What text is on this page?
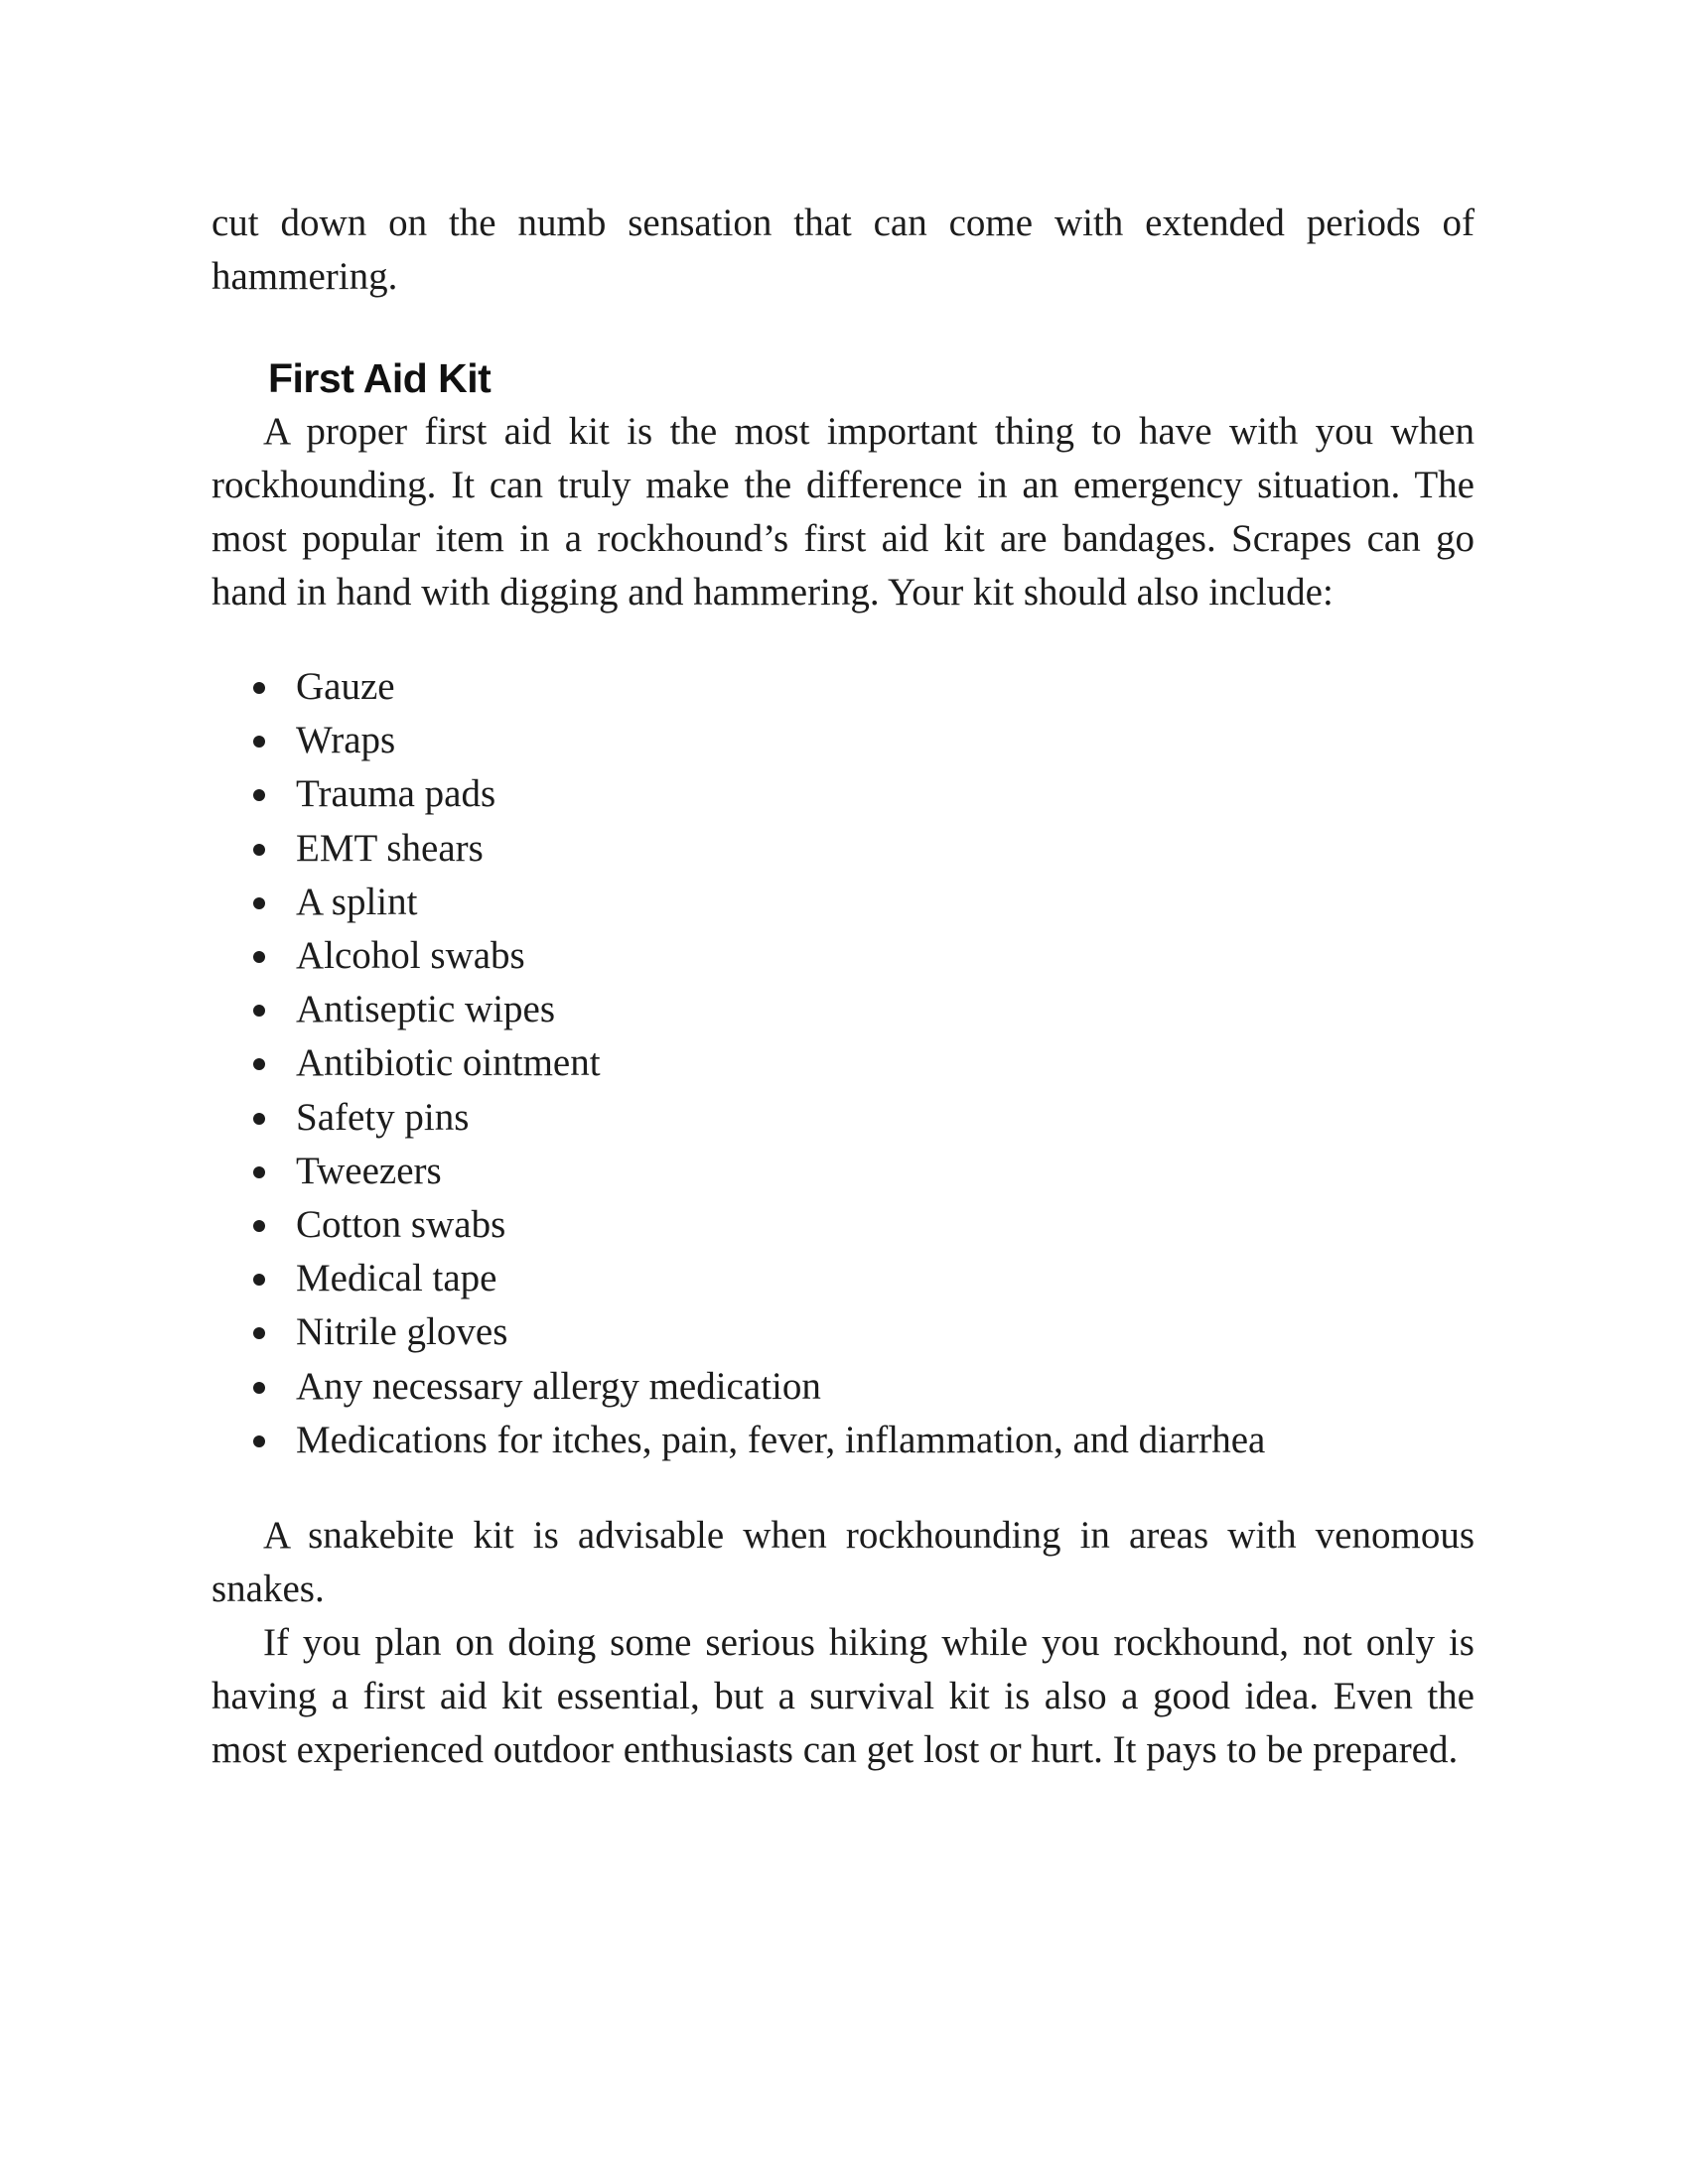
cut down on the numb sensation that can come with extended periods of hammering.

First Aid Kit

A proper first aid kit is the most important thing to have with you when rockhounding. It can truly make the difference in an emergency situation. The most popular item in a rockhound’s first aid kit are bandages. Scrapes can go hand in hand with digging and hammering. Your kit should also include:

Gauze
Wraps
Trauma pads
EMT shears
A splint
Alcohol swabs
Antiseptic wipes
Antibiotic ointment
Safety pins
Tweezers
Cotton swabs
Medical tape
Nitrile gloves
Any necessary allergy medication
Medications for itches, pain, fever, inflammation, and diarrhea

A snakebite kit is advisable when rockhounding in areas with venomous snakes.

If you plan on doing some serious hiking while you rockhound, not only is having a first aid kit essential, but a survival kit is also a good idea. Even the most experienced outdoor enthusiasts can get lost or hurt. It pays to be prepared.
